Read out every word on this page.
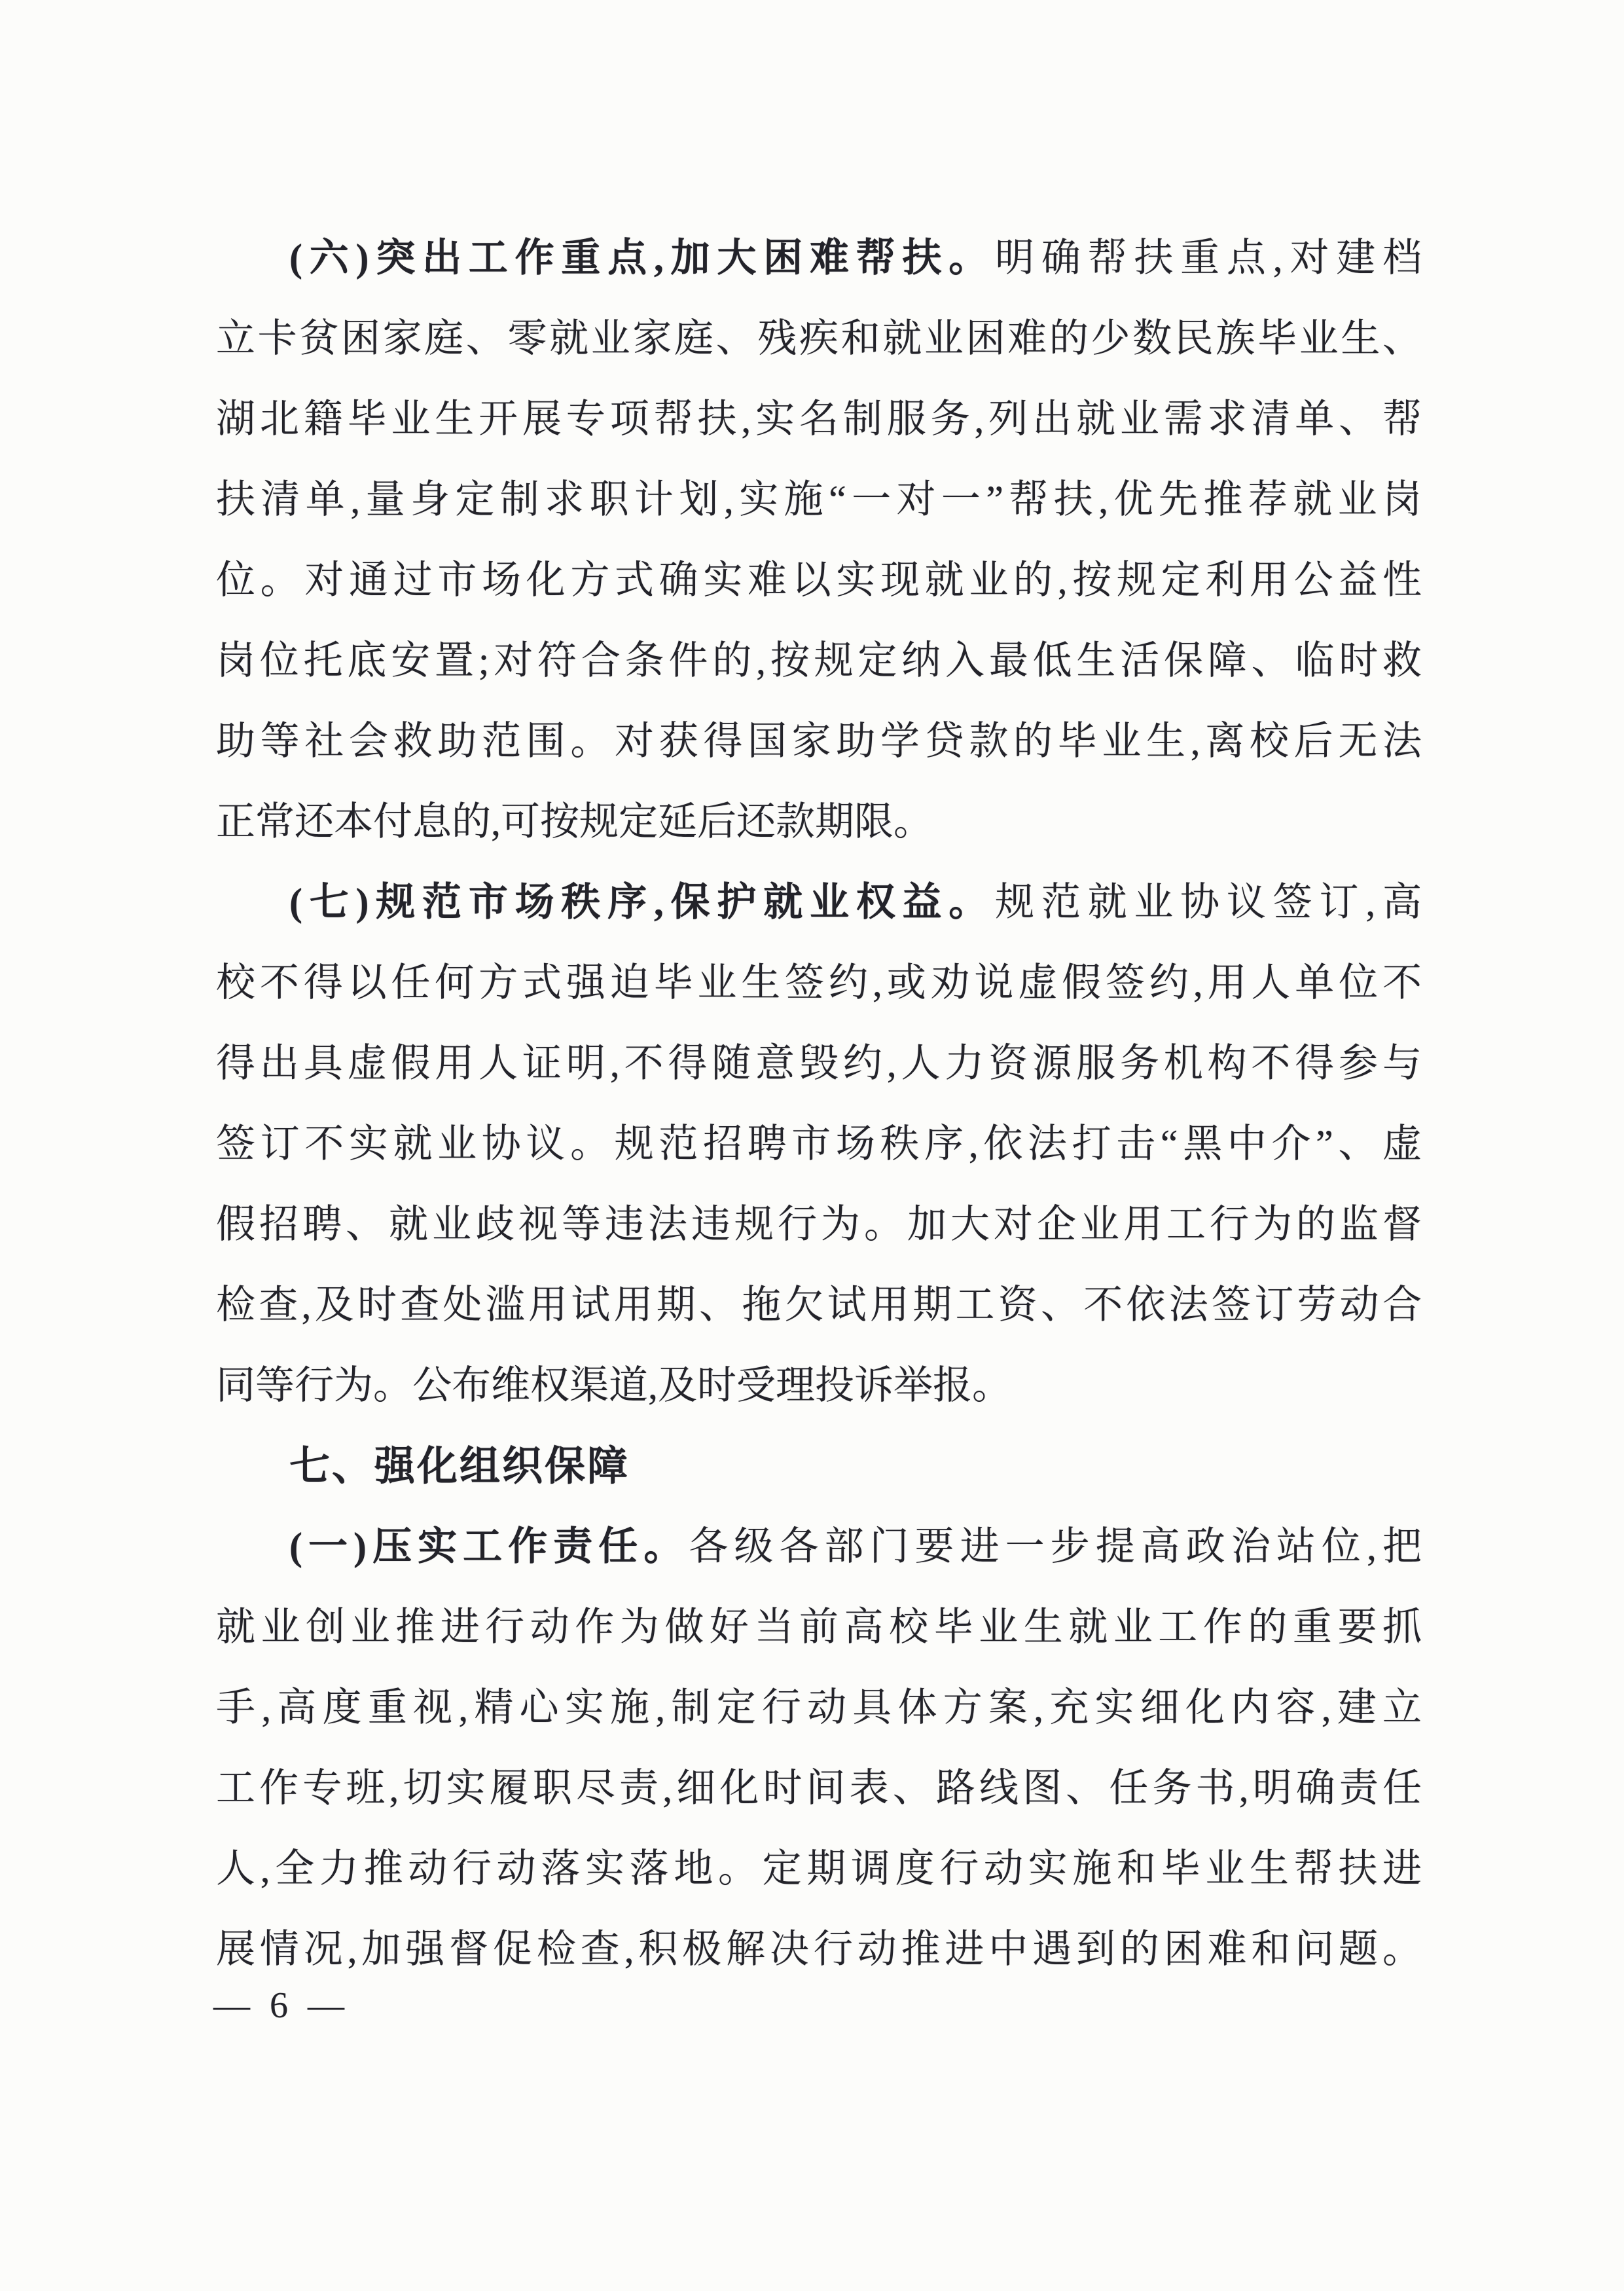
(六)突出工作重点,加大困难帮扶。明确帮扶重点,对建档
立卡贫困家庭、零就业家庭、残疾和就业困难的少数民族毕业生、
湖北籍毕业生开展专项帮扶,实名制服务,列出就业需求清单、帮
扶清单,量身定制求职计划,实施“一对一”帮扶,优先推荐就业岗
位。对通过市场化方式确实难以实现就业的,按规定利用公益性
岗位托底安置;对符合条件的,按规定纳入最低生活保障、临时救
助等社会救助范围。对获得国家助学贷款的毕业生,离校后无法
正常还本付息的,可按规定延后还款期限。
(七)规范市场秩序,保护就业权益。规范就业协议签订,高
校不得以任何方式强迫毕业生签约,或劝说虚假签约,用人单位不
得出具虚假用人证明,不得随意毁约,人力资源服务机构不得参与
签订不实就业协议。规范招聘市场秩序,依法打击“黑中介”、虚
假招聘、就业歧视等违法违规行为。加大对企业用工行为的监督
检查,及时查处滥用试用期、拖欠试用期工资、不依法签订劳动合
同等行为。公布维权渠道,及时受理投诉举报。
七、强化组织保障
(一)压实工作责任。各级各部门要进一步提高政治站位,把
就业创业推进行动作为做好当前高校毕业生就业工作的重要抓
手,高度重视,精心实施,制定行动具体方案,充实细化内容,建立
工作专班,切实履职尽责,细化时间表、路线图、任务书,明确责任
人,全力推动行动落实落地。定期调度行动实施和毕业生帮扶进
展情况,加强督促检查,积极解决行动推进中遇到的困难和问题。
— 6 —
